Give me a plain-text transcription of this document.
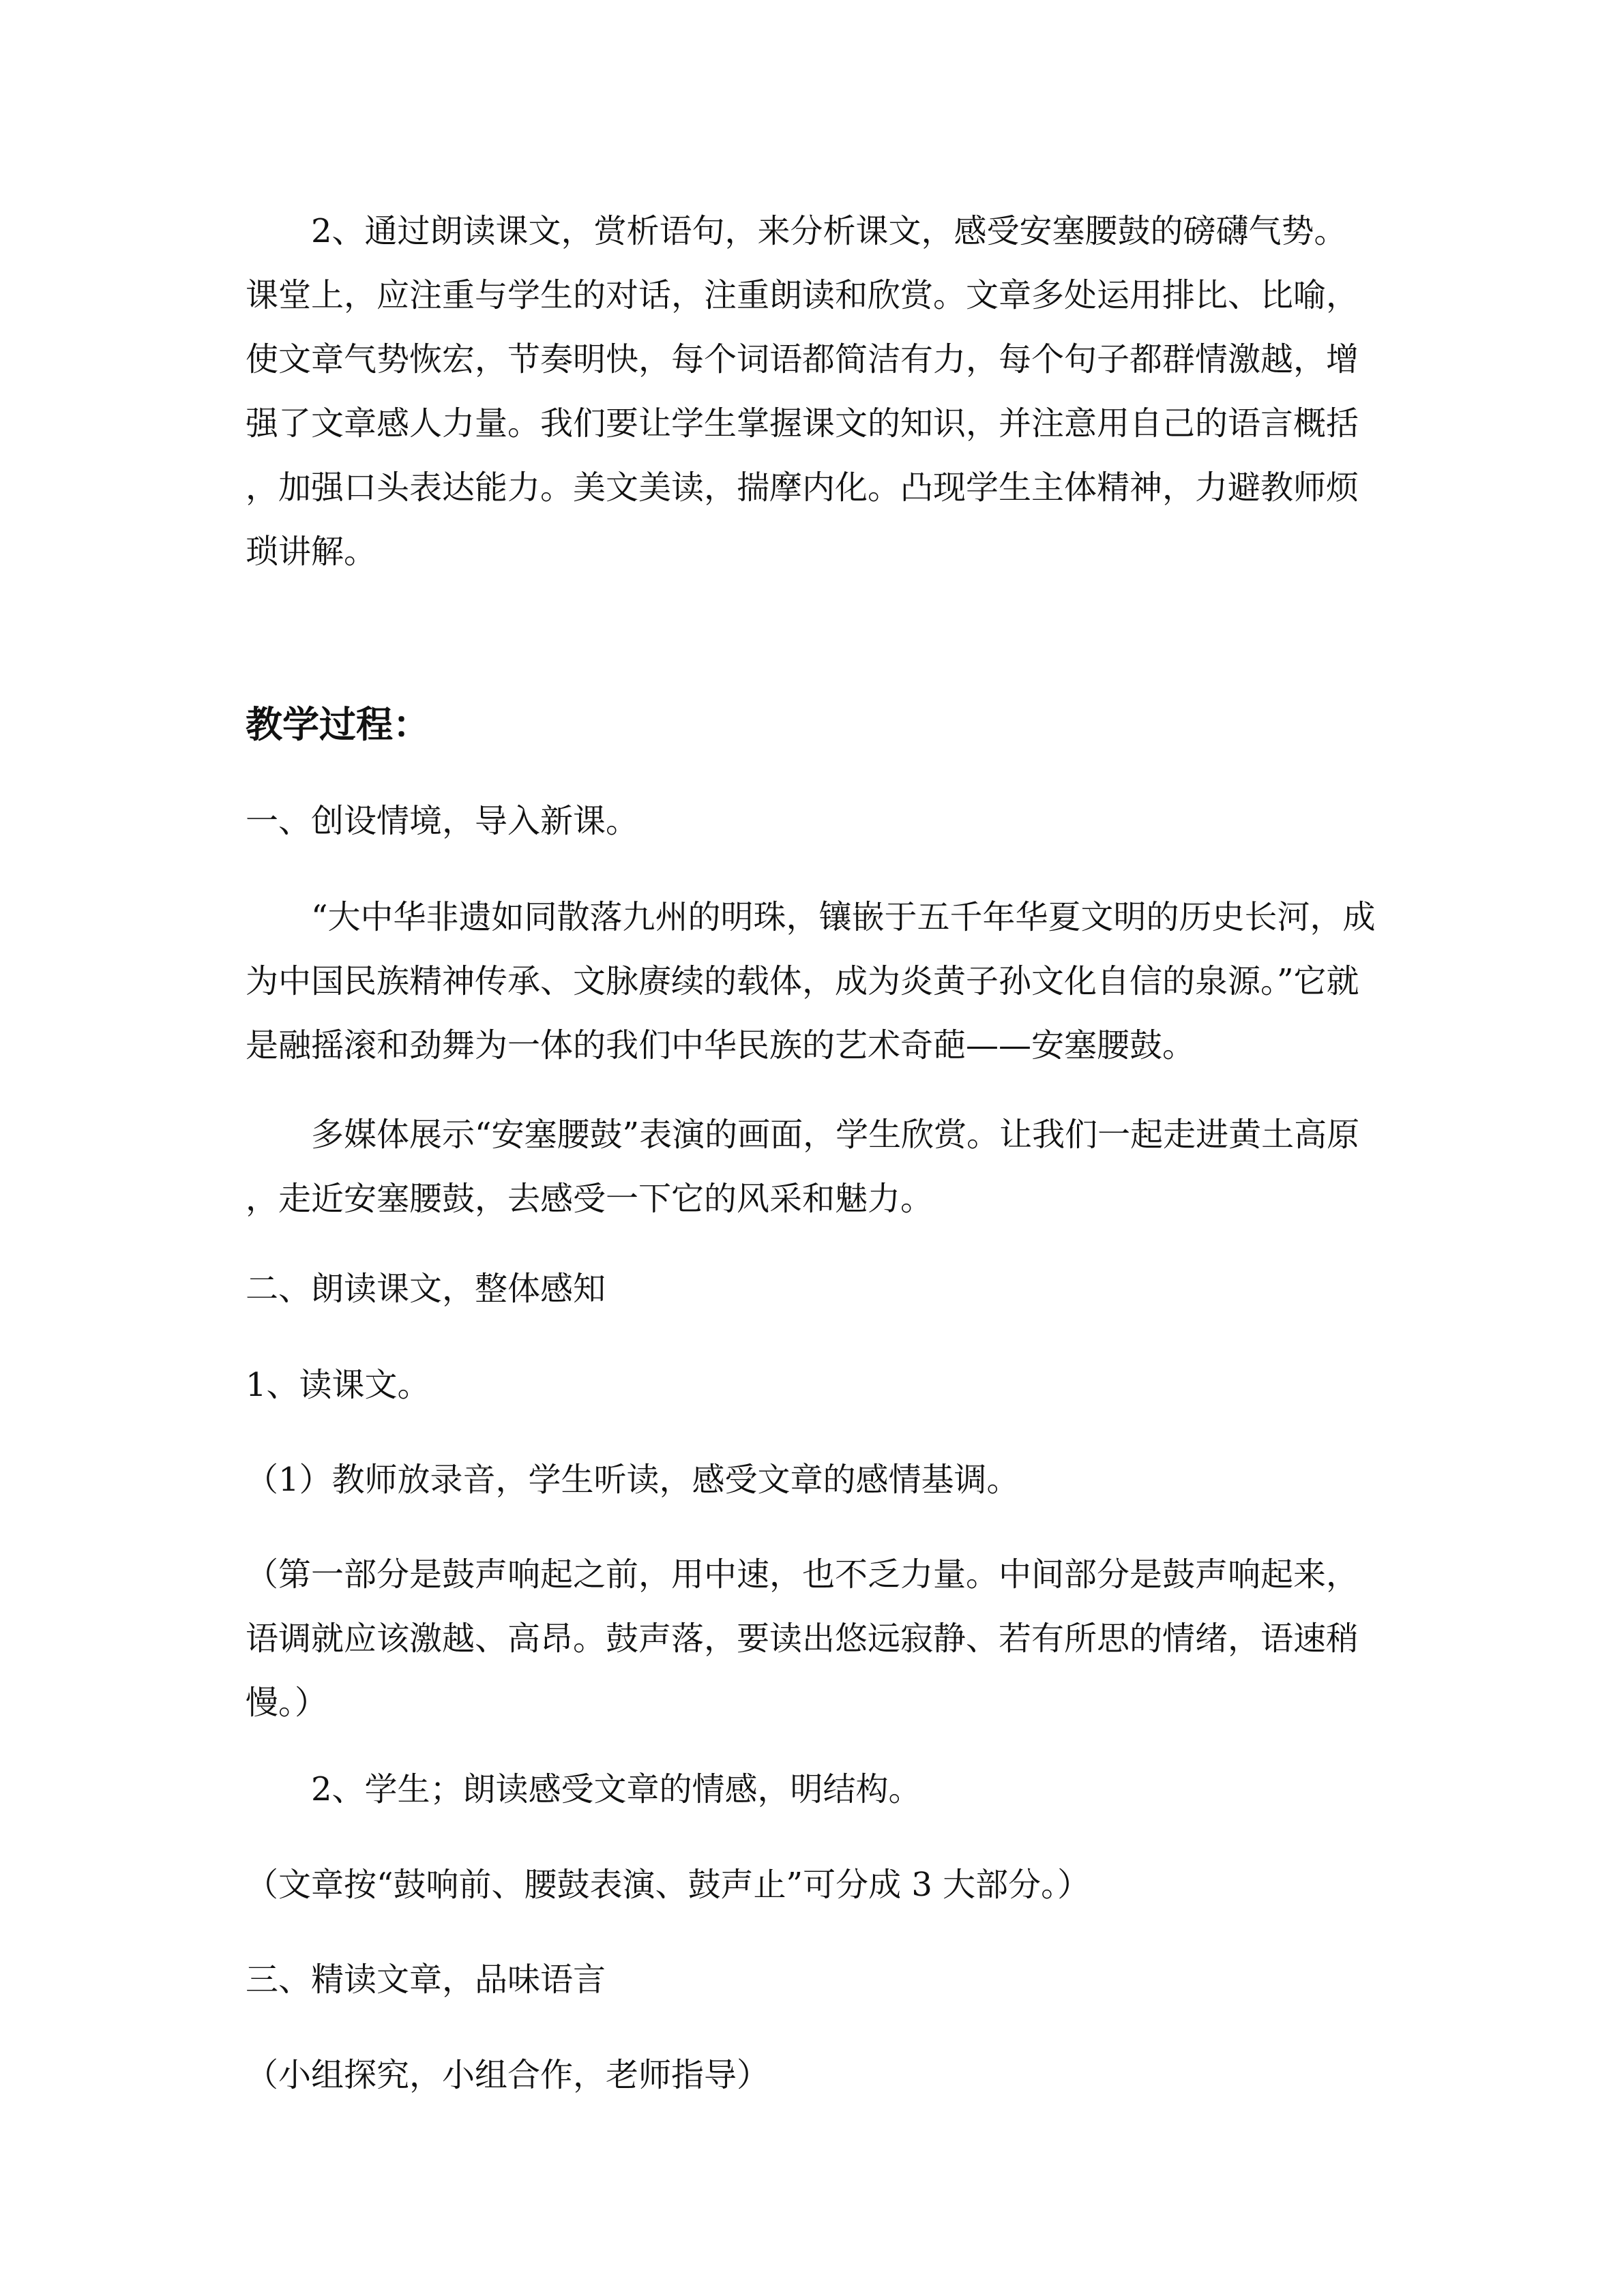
2、通过朗读课文，赏析语句，来分析课文，感受安塞腰鼓的磅礴气势。课堂上，应注重与学生的对话，注重朗读和欣赏。文章多处运用排比、比喻，使文章气势恢宏，节奏明快，每个词语都简洁有力，每个句子都群情激越，增强了文章感人力量。我们要让学生掌握课文的知识，并注意用自己的语言概括，加强口头表达能力。美文美读，揣摩内化。凸现学生主体精神，力避教师烦琐讲解。

教学过程：

一、创设情境，导入新课。

“大中华非遗如同散落九州的明珠，镶嵌于五千年华夏文明的历史长河，成为中国民族精神传承、文脉赓续的载体，成为炎黄子孙文化自信的泉源。”它就是融摇滚和劲舞为一体的我们中华民族的艺术奇葩——安塞腰鼓。

多媒体展示“安塞腰鼓”表演的画面，学生欣赏。让我们一起走进黄土高原，走近安塞腰鼓，去感受一下它的风采和魅力。

二、朗读课文，整体感知

1、读课文。

（1）教师放录音，学生听读，感受文章的感情基调。

（第一部分是鼓声响起之前，用中速，也不乏力量。中间部分是鼓声响起来，语调就应该激越、高昂。鼓声落，要读出悠远寂静、若有所思的情绪，语速稍慢。）

2、学生；朗读感受文章的情感，明结构。

（文章按“鼓响前、腰鼓表演、鼓声止”可分成 3 大部分。）

三、精读文章，品味语言

（小组探究，小组合作，老师指导）
